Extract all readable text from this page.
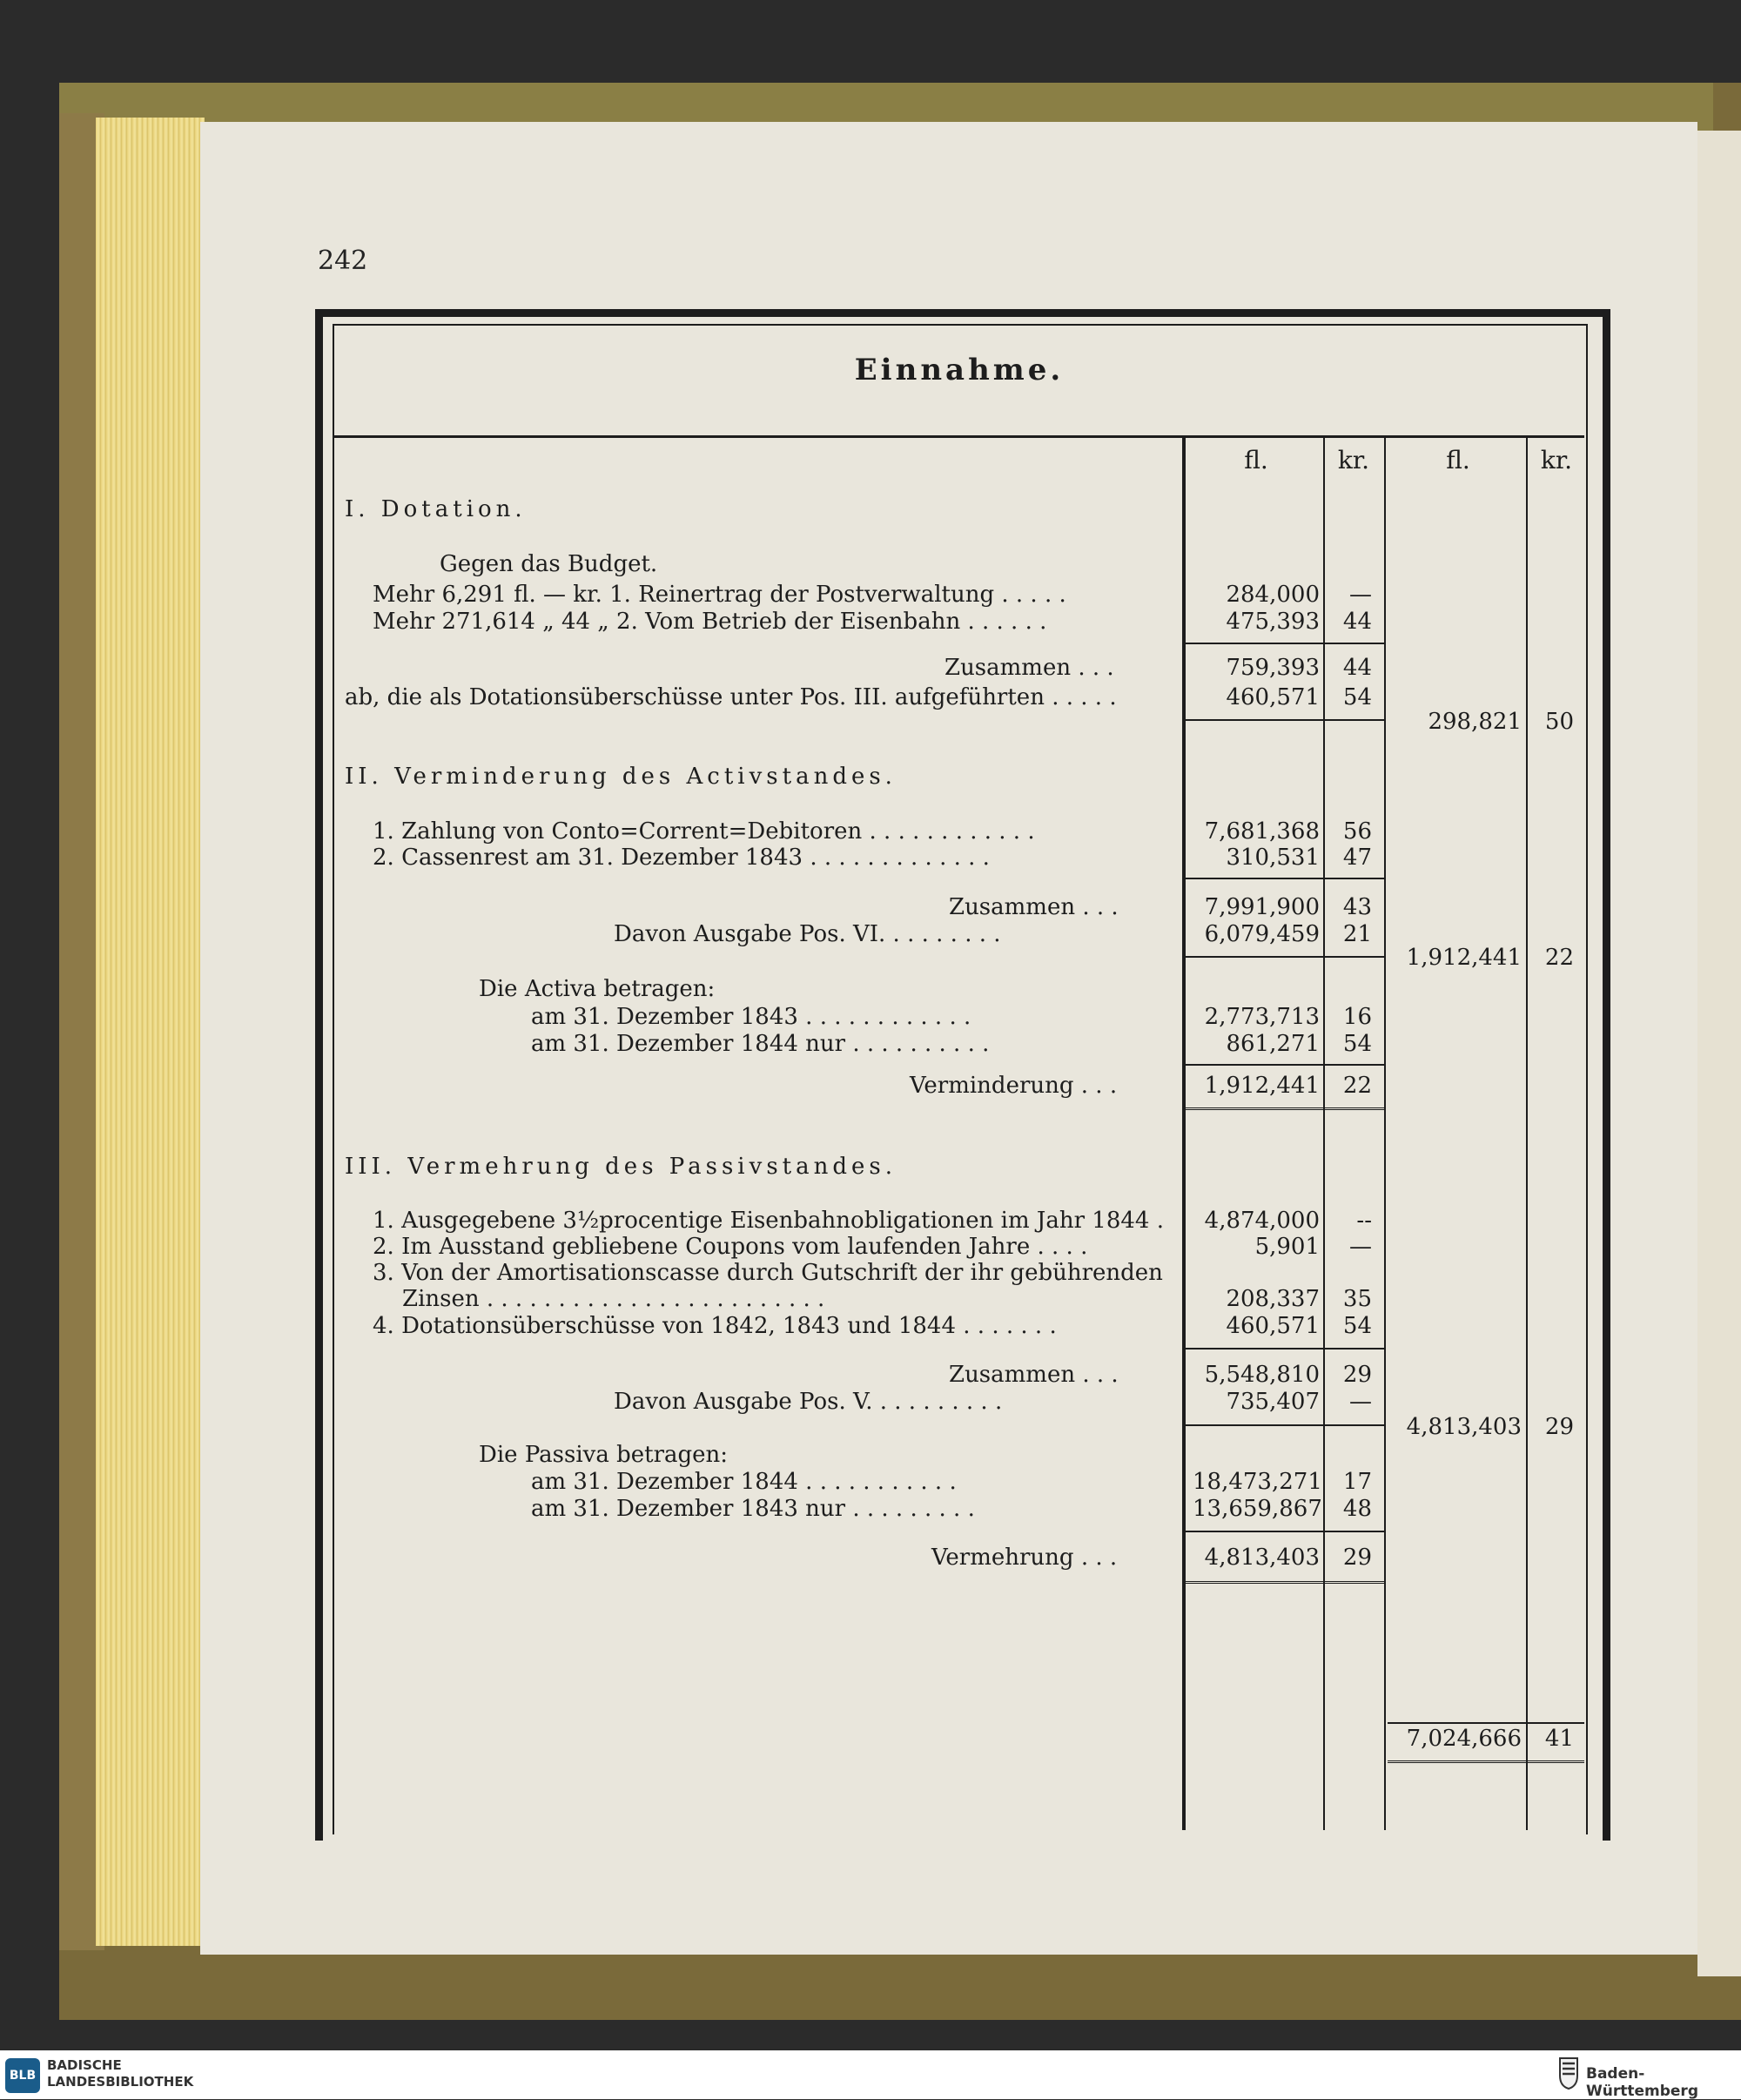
242
Einnahme.
fl.	kr.	fl.	kr.
I. Dotation.
Gegen das Budget.
Mehr 6,291 fl. — kr. 1. Reinertrag der Postverwaltung . . . . .	284,000	—
Mehr 271,614 „ 44 „ 2. Vom Betrieb der Eisenbahn . . . . . .	475,393	44
Zusammen . . .	759,393	44
ab, die als Dotationsüberschüsse unter Pos. III. aufgeführten . . . . .	460,571	54
298,821	50
II. Verminderung des Activstandes.
1. Zahlung von Conto=Corrent=Debitoren . . . . . . . . . . . .	7,681,368	56
2. Cassenrest am 31. Dezember 1843 . . . . . . . . . . . . .	310,531	47
Zusammen . . .	7,991,900	43
Davon Ausgabe Pos. VI. . . . . . . . .	6,079,459	21
1,912,441	22
Die Activa betragen:
am 31. Dezember 1843 . . . . . . . . . . . .	2,773,713	16
am 31. Dezember 1844 nur . . . . . . . . . .	861,271	54
Verminderung . . .	1,912,441	22
III. Vermehrung des Passivstandes.
1. Ausgegebene 3½procentige Eisenbahnobligationen im Jahr 1844 .	4,874,000	--
2. Im Ausstand gebliebene Coupons vom laufenden Jahre . . . .	5,901	—
3. Von der Amortisationscasse durch Gutschrift der ihr gebührenden
Zinsen . . . . . . . . . . . . . . . . . . . . . . . .	208,337	35
4. Dotationsüberschüsse von 1842, 1843 und 1844 . . . . . . .	460,571	54
Zusammen . . .	5,548,810	29
Davon Ausgabe Pos. V. . . . . . . . . .	735,407	—
4,813,403	29
Die Passiva betragen:
am 31. Dezember 1844 . . . . . . . . . . .	18,473,271 17
am 31. Dezember 1843 nur . . . . . . . . .	13,659,867 48
Vermehrung . . .	4,813,403	29
7,024,666	41
BLB
BADISCHE
LANDESBIBLIOTHEK	Baden-Württemberg
